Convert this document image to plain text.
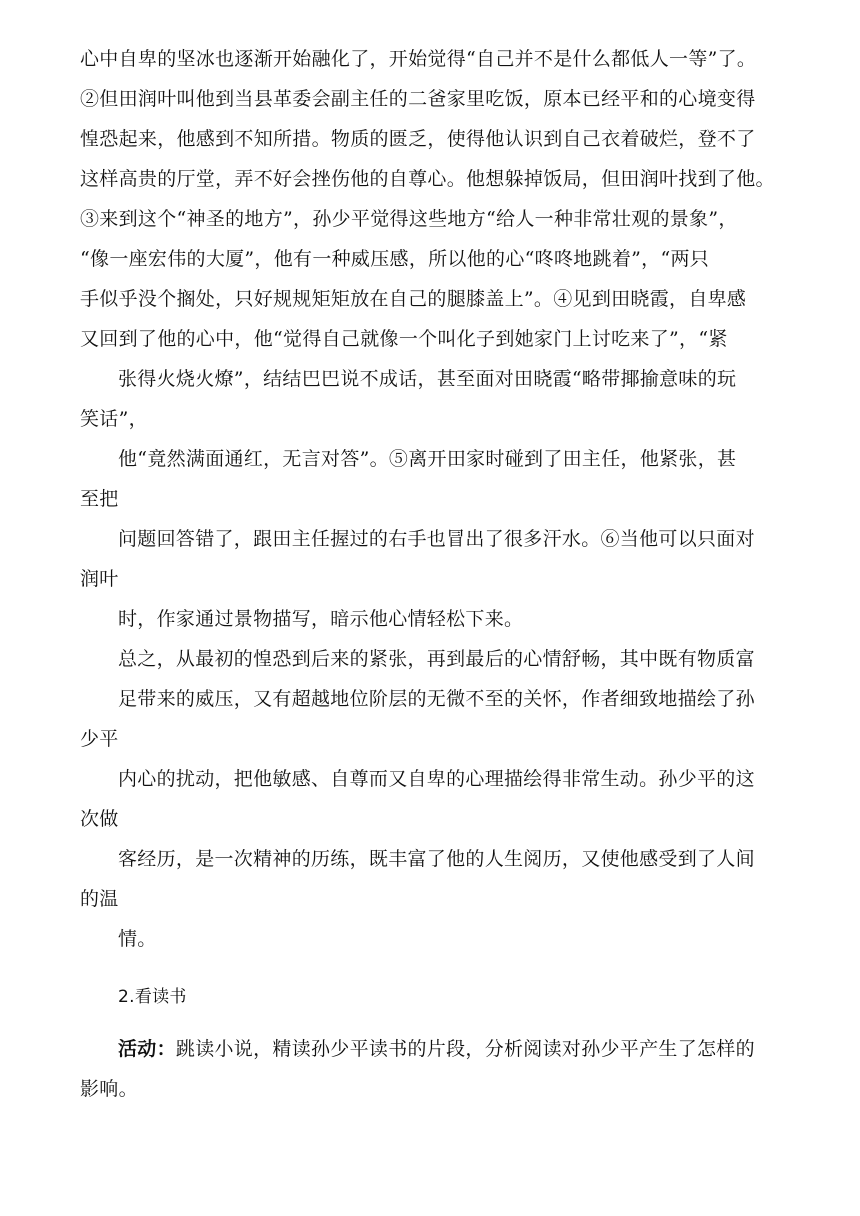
心中自卑的坚冰也逐渐开始融化了，开始觉得“自己并不是什么都低人一等”了。
②但田润叶叫他到当县革委会副主任的二爸家里吃饭，原本已经平和的心境变得
惶恐起来，他感到不知所措。物质的匮乏，使得他认识到自己衣着破烂，登不了
这样高贵的厅堂，弄不好会挫伤他的自尊心。他想躲掉饭局，但田润叶找到了他。
③来到这个“神圣的地方”，孙少平觉得这些地方“给人一种非常壮观的景象”，
“像一座宏伟的大厦”，他有一种威压感，所以他的心“咚咚地跳着”，“两只
手似乎没个搁处，只好规规矩矩放在自己的腿膝盖上”。④见到田晓霞，自卑感
又回到了他的心中，他“觉得自己就像一个叫化子到她家门上讨吃来了”，“紧
张得火烧火燎”，结结巴巴说不成话，甚至面对田晓霞“略带揶揄意味的玩
笑话”，
他“竟然满面通红，无言对答”。⑤离开田家时碰到了田主任，他紧张，甚
至把
问题回答错了，跟田主任握过的右手也冒出了很多汗水。⑥当他可以只面对
润叶
时，作家通过景物描写，暗示他心情轻松下来。
总之，从最初的惶恐到后来的紧张，再到最后的心情舒畅，其中既有物质富
足带来的威压，又有超越地位阶层的无微不至的关怀，作者细致地描绘了孙
少平
内心的扰动，把他敏感、自尊而又自卑的心理描绘得非常生动。孙少平的这
次做
客经历，是一次精神的历练，既丰富了他的人生阅历，又使他感受到了人间
的温
情。
2.看读书
活动：跳读小说，精读孙少平读书的片段，分析阅读对孙少平产生了怎样的
影响。
